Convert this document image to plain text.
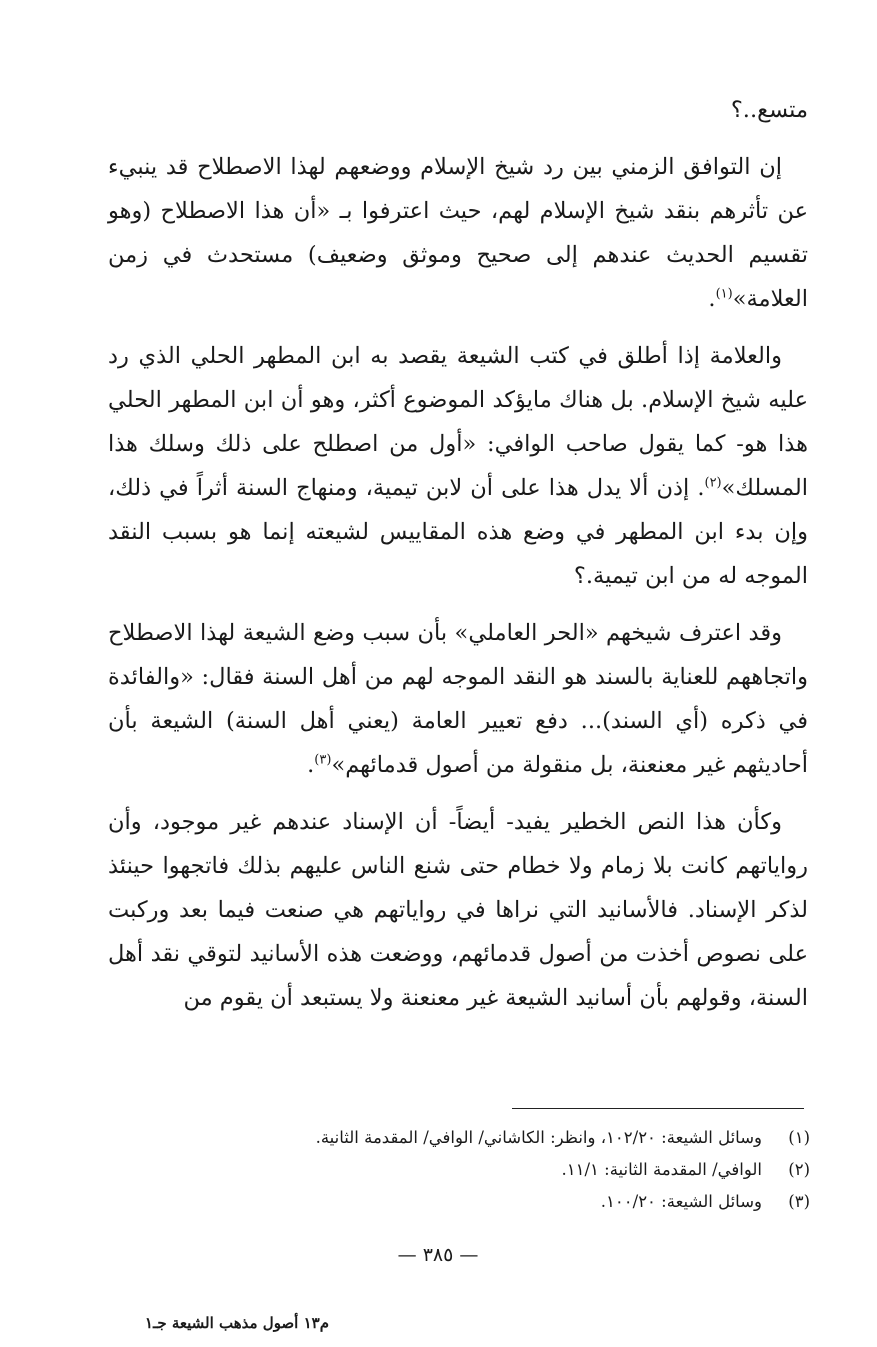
متسع..؟

إن التوافق الزمني بين رد شيخ الإسلام ووضعهم لهذا الاصطلاح قد ينبيء عن تأثرهم بنقد شيخ الإسلام لهم، حيث اعترفوا بـ «أن هذا الاصطلاح (وهو تقسيم الحديث عندهم إلى صحيح وموثق وضعيف) مستحدث في زمن العلامة»$^{(١)}$.

والعلامة إذا أطلق في كتب الشيعة يقصد به ابن المطهر الحلي الذي رد عليه شيخ الإسلام. بل هناك مايؤكد الموضوع أكثر، وهو أن ابن المطهر الحلي هذا هو- كما يقول صاحب الوافي: «أول من اصطلح على ذلك وسلك هذا المسلك»$^{(٢)}$. إذن ألا يدل هذا على أن لابن تيمية، ومنهاج السنة أثراً في ذلك، وإن بدء ابن المطهر في وضع هذه المقاييس لشيعته إنما هو بسبب النقد الموجه له من ابن تيمية.؟

وقد اعترف شيخهم «الحر العاملي» بأن سبب وضع الشيعة لهذا الاصطلاح واتجاههم للعناية بالسند هو النقد الموجه لهم من أهل السنة فقال: «والفائدة في ذكره (أي السند)... دفع تعيير العامة (يعني أهل السنة) الشيعة بأن أحاديثهم غير معنعنة، بل منقولة من أصول قدمائهم»$^{(٣)}$.

وكأن هذا النص الخطير يفيد- أيضاً- أن الإسناد عندهم غير موجود، وأن رواياتهم كانت بلا زمام ولا خطام حتى شنع الناس عليهم بذلك فاتجهوا حينئذ لذكر الإسناد. فالأسانيد التي نراها في رواياتهم هي صنعت فيما بعد وركبت على نصوص أخذت من أصول قدمائهم، ووضعت هذه الأسانيد لتوقي نقد أهل السنة، وقولهم بأن أسانيد الشيعة غير معنعنة ولا يستبعد أن يقوم من

(١)وسائل الشيعة: ١٠٢/٢٠، وانظر: الكاشاني/ الوافي/ المقدمة الثانية.
(٢)الوافي/ المقدمة الثانية: ١١/١.
(٣)وسائل الشيعة: ١٠٠/٢٠.
— ٣٨٥ —
م١٣ أصول مذهب الشيعة جـ١
